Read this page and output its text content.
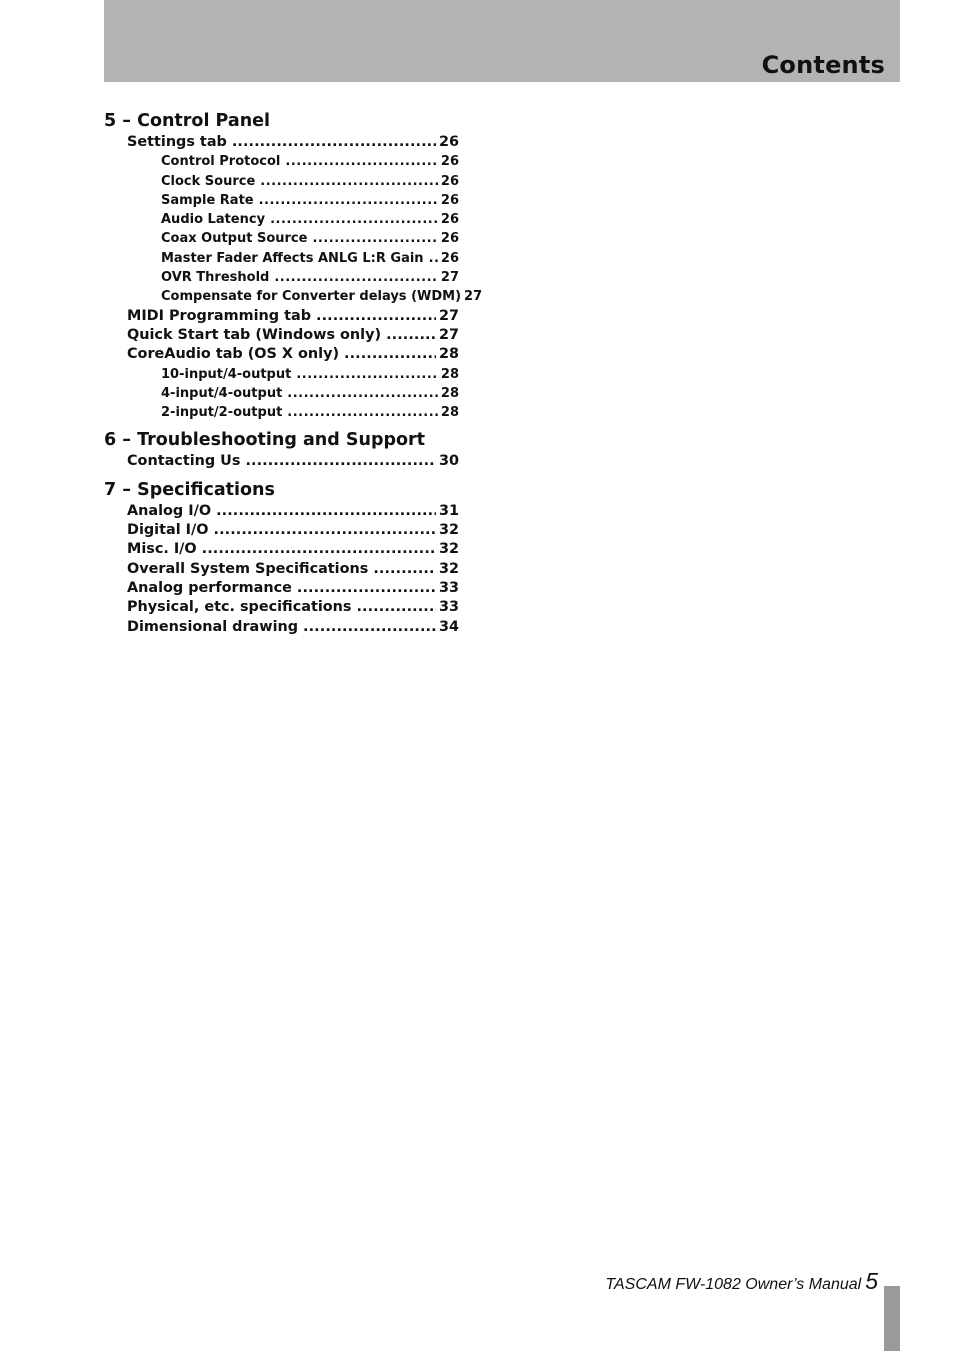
Contents
5 – Control Panel
Settings tab .....	26
Control Protocol .....	26
Clock Source .....	26
Sample Rate .....	26
Audio Latency .....	26
Coax Output Source .....	26
Master Fader Affects ANLG L:R Gain ..... 26
OVR Threshold .....	27
Compensate for Converter delays (WDM) 27
MIDI Programming tab .....	27
Quick Start tab (Windows only) .....	27
CoreAudio tab (OS X only) .....	28
10-input/4-output .....	28
4-input/4-output .....	28
2-input/2-output .....	28
6 – Troubleshooting and Support
Contacting Us .....	30
7 – Specifications
Analog I/O .....	31
Digital I/O .....	32
Misc. I/O .....	32
Overall System Specifications .....	32
Analog performance .....	33
Physical, etc. specifications .....	33
Dimensional drawing .....	34
TASCAM FW-1082 Owner’s Manual 5
